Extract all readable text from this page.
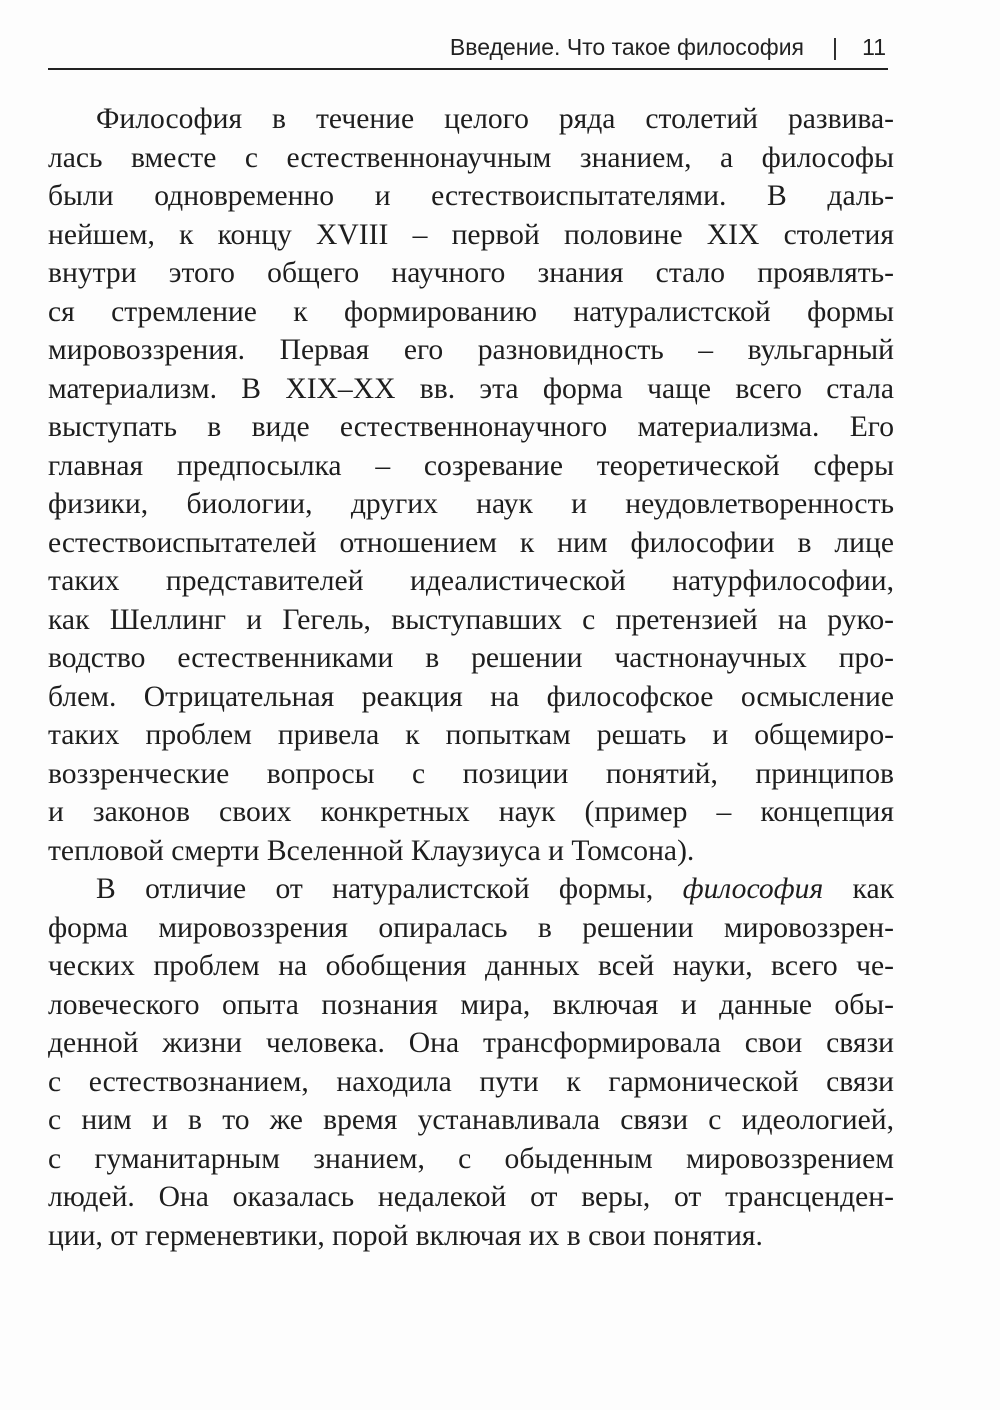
Введение. Что такое философия | 11

Философия в течение целого ряда столетий развива-
лась вместе с естественнонаучным знанием, а философы
были одновременно и естествоиспытателями. В даль-
нейшем, к концу XVIII – первой половине XIX столетия
внутри этого общего научного знания стало проявлять-
ся стремление к формированию натуралистской формы
мировоззрения. Первая его разновидность – вульгарный
материализм. В XIX–XX вв. эта форма чаще всего стала
выступать в виде естественнонаучного материализма. Его
главная предпосылка – созревание теоретической сферы
физики, биологии, других наук и неудовлетворенность
естествоиспытателей отношением к ним философии в лице
таких представителей идеалистической натурфилософии,
как Шеллинг и Гегель, выступавших с претензией на руко-
водство естественниками в решении частнонаучных про-
блем. Отрицательная реакция на философское осмысление
таких проблем привела к попыткам решать и общемиро-
воззренческие вопросы с позиции понятий, принципов
и законов своих конкретных наук (пример – концепция
тепловой смерти Вселенной Клаузиуса и Томсона).

В отличие от натуралистской формы, философия как
форма мировоззрения опиралась в решении мировоззрен-
ческих проблем на обобщения данных всей науки, всего че-
ловеческого опыта познания мира, включая и данные обы-
денной жизни человека. Она трансформировала свои связи
с естествознанием, находила пути к гармонической связи
с ним и в то же время устанавливала связи с идеологией,
с гуманитарным знанием, с обыденным мировоззрением
людей. Она оказалась недалекой от веры, от трансценден-
ции, от герменевтики, порой включая их в свои понятия.
